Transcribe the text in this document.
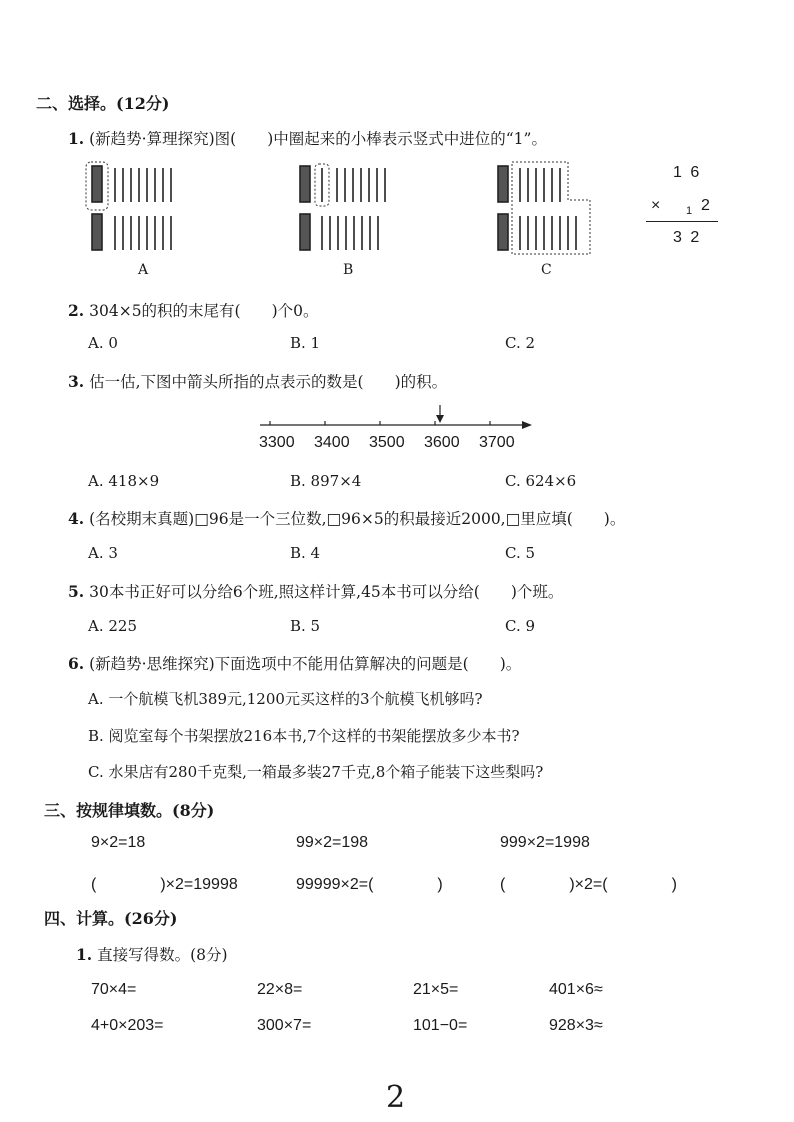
二、选择。(12分)
1. (新趋势·算理探究)图(　　)中圈起来的小棒表示竖式中进位的“1”。
A	B	C
1 6
× 1 2
3 2
2. 304×5的积的末尾有(　　)个0。
A. 0	B. 1	C. 2
3. 估一估,下图中箭头所指的点表示的数是(　　)的积。
3300 3400 3500 3600 3700
A. 418×9	B. 897×4	C. 624×6
4. (名校期末真题)□96是一个三位数,□96×5的积最接近2000,□里应填(　　)。
A. 3	B. 4	C. 5
5. 30本书正好可以分给6个班,照这样计算,45本书可以分给(　　)个班。
A. 225	B. 5	C. 9
6. (新趋势·思维探究)下面选项中不能用估算解决的问题是(　　)。
A. 一个航模飞机389元,1200元买这样的3个航模飞机够吗?
B. 阅览室每个书架摆放216本书,7个这样的书架能摆放多少本书?
C. 水果店有280千克梨,一箱最多装27千克,8个箱子能装下这些梨吗?
三、按规律填数。(8分)
9×2=18	99×2=198	999×2=1998
(　　　　)×2=19998	99999×2=(　　　　)	(　　　　)×2=(　　　　)
四、计算。(26分)
1. 直接写得数。(8分)
70×4=	22×8=	21×5=	401×6≈
4+0×203=	300×7=	101−0=	928×3≈
2
